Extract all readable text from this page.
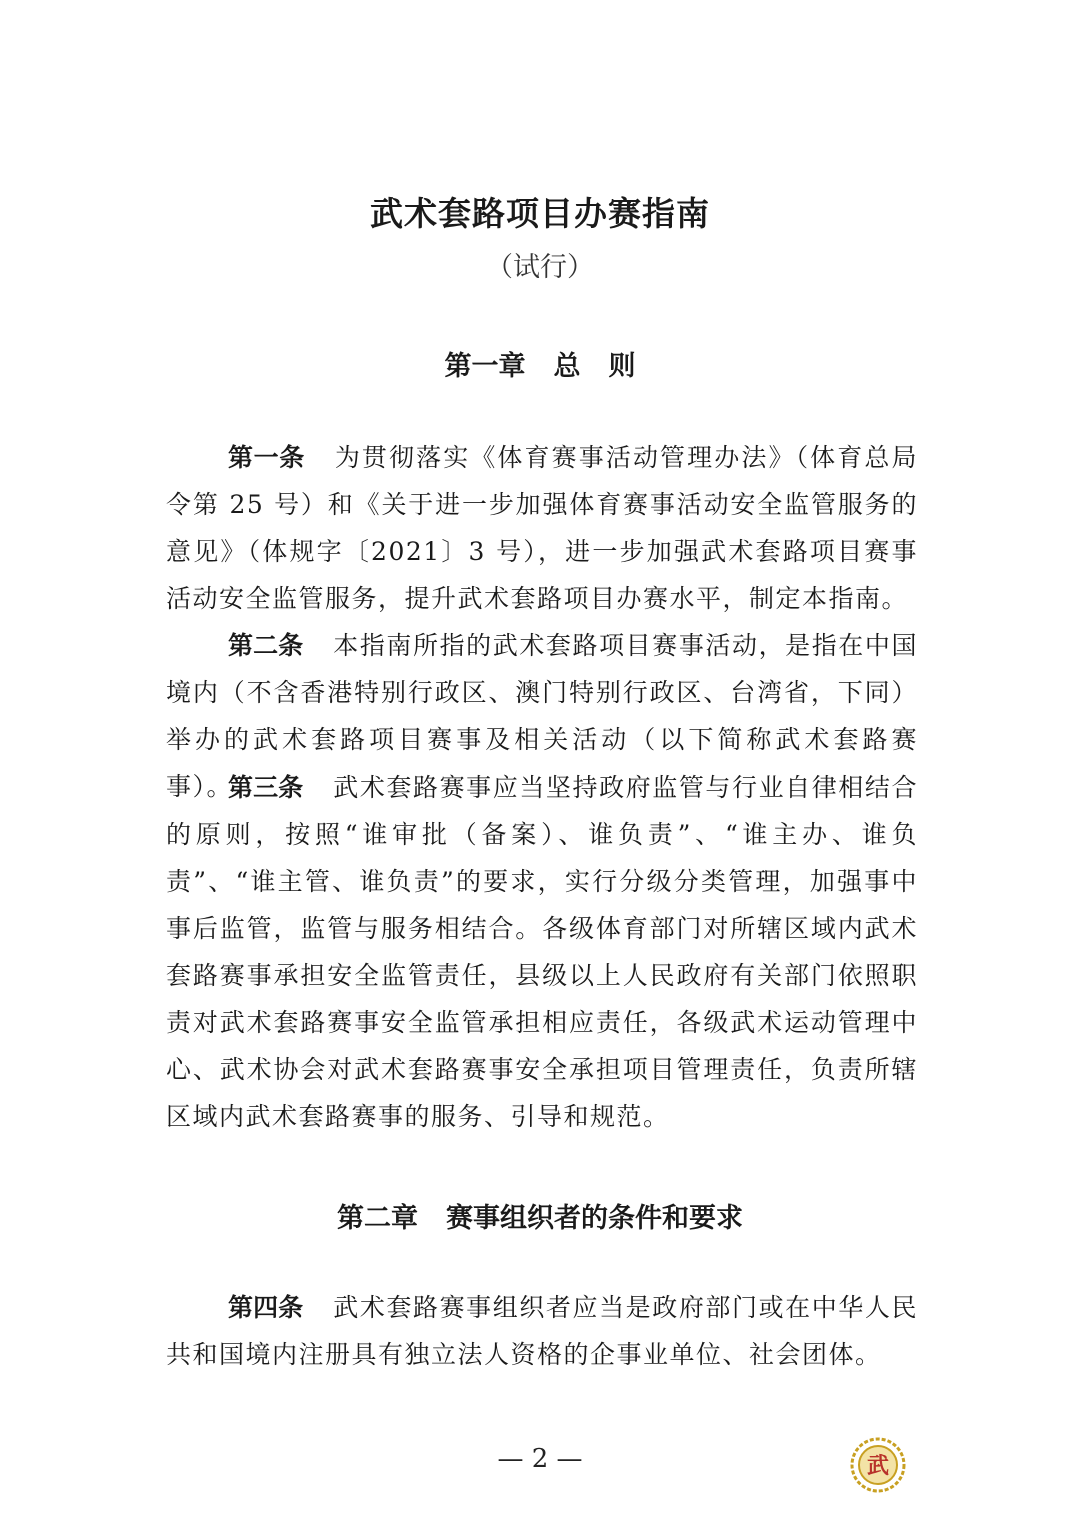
武术套路项目办赛指南
（试行）
第一章 总 则
第一条 为贯彻落实《体育赛事活动管理办法》（体育总局令第 25 号）和《关于进一步加强体育赛事活动安全监管服务的意见》（体规字〔2021〕3 号），进一步加强武术套路项目赛事活动安全监管服务，提升武术套路项目办赛水平，制定本指南。
第二条 本指南所指的武术套路项目赛事活动，是指在中国境内（不含香港特别行政区、澳门特别行政区、台湾省，下同）举办的武术套路项目赛事及相关活动（以下简称武术套路赛事）。
第三条 武术套路赛事应当坚持政府监管与行业自律相结合的原则，按照“谁审批（备案）、谁负责”、“谁主办、谁负责”、“谁主管、谁负责”的要求，实行分级分类管理，加强事中事后监管，监管与服务相结合。各级体育部门对所辖区域内武术套路赛事承担安全监管责任，县级以上人民政府有关部门依照职责对武术套路赛事安全监管承担相应责任，各级武术运动管理中心、武术协会对武术套路赛事安全承担项目管理责任，负责所辖区域内武术套路赛事的服务、引导和规范。
第二章 赛事组织者的条件和要求
第四条 武术套路赛事组织者应当是政府部门或在中华人民共和国境内注册具有独立法人资格的企事业单位、社会团体。
— 2 —	武
